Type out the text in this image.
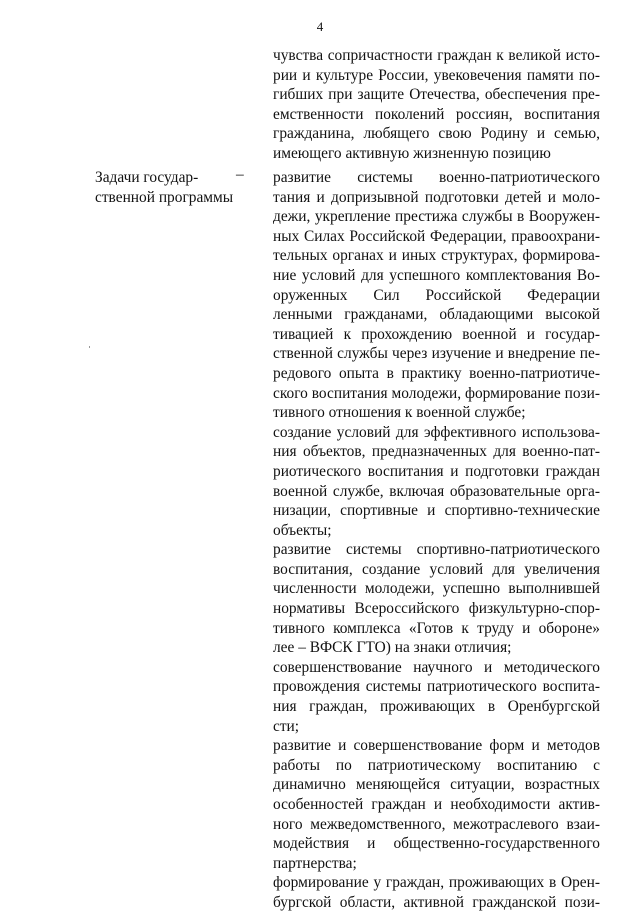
4
чувства сопричастности граждан к великой исто-
рии и культуре России, увековечения памяти по-
гибших при защите Отечества, обеспечения пре-
емственности поколений россиян, воспитания
гражданина, любящего свою Родину и семью,
имеющего активную жизненную позицию
Задачи государ-
ственной программы
– развитие системы военно-патриотического
тания и допризывной подготовки детей и моло-
дежи, укрепление престижа службы в Вооружен-
ных Силах Российской Федерации, правоохрани-
тельных органах и иных структурах, формирова-
ние условий для успешного комплектования Во-
оруженных Сил Российской Федерации
ленными гражданами, обладающими высокой
тивацией к прохождению военной и государ-
ственной службы через изучение и внедрение пе-
редового опыта в практику военно-патриотиче-
ского воспитания молодежи, формирование пози-
тивного отношения к военной службе;
создание условий для эффективного использова-
ния объектов, предназначенных для военно-пат-
риотического воспитания и подготовки граждан
военной службе, включая образовательные орга-
низации, спортивные и спортивно-технические
объекты;
развитие системы спортивно-патриотического
воспитания, создание условий для увеличения
численности молодежи, успешно выполнившей
нормативы Всероссийского физкультурно-спор-
тивного комплекса «Готов к труду и обороне»
лее – ВФСК ГТО) на знаки отличия;
совершенствование научного и методического
провождения системы патриотического воспита-
ния граждан, проживающих в Оренбургской
сти;
развитие и совершенствование форм и методов
работы по патриотическому воспитанию с
динамично меняющейся ситуации, возрастных
особенностей граждан и необходимости актив-
ного межведомственного, межотраслевого взаи-
модействия и общественно-государственного
партнерства;
формирование у граждан, проживающих в Орен-
бургской области, активной гражданской пози-
